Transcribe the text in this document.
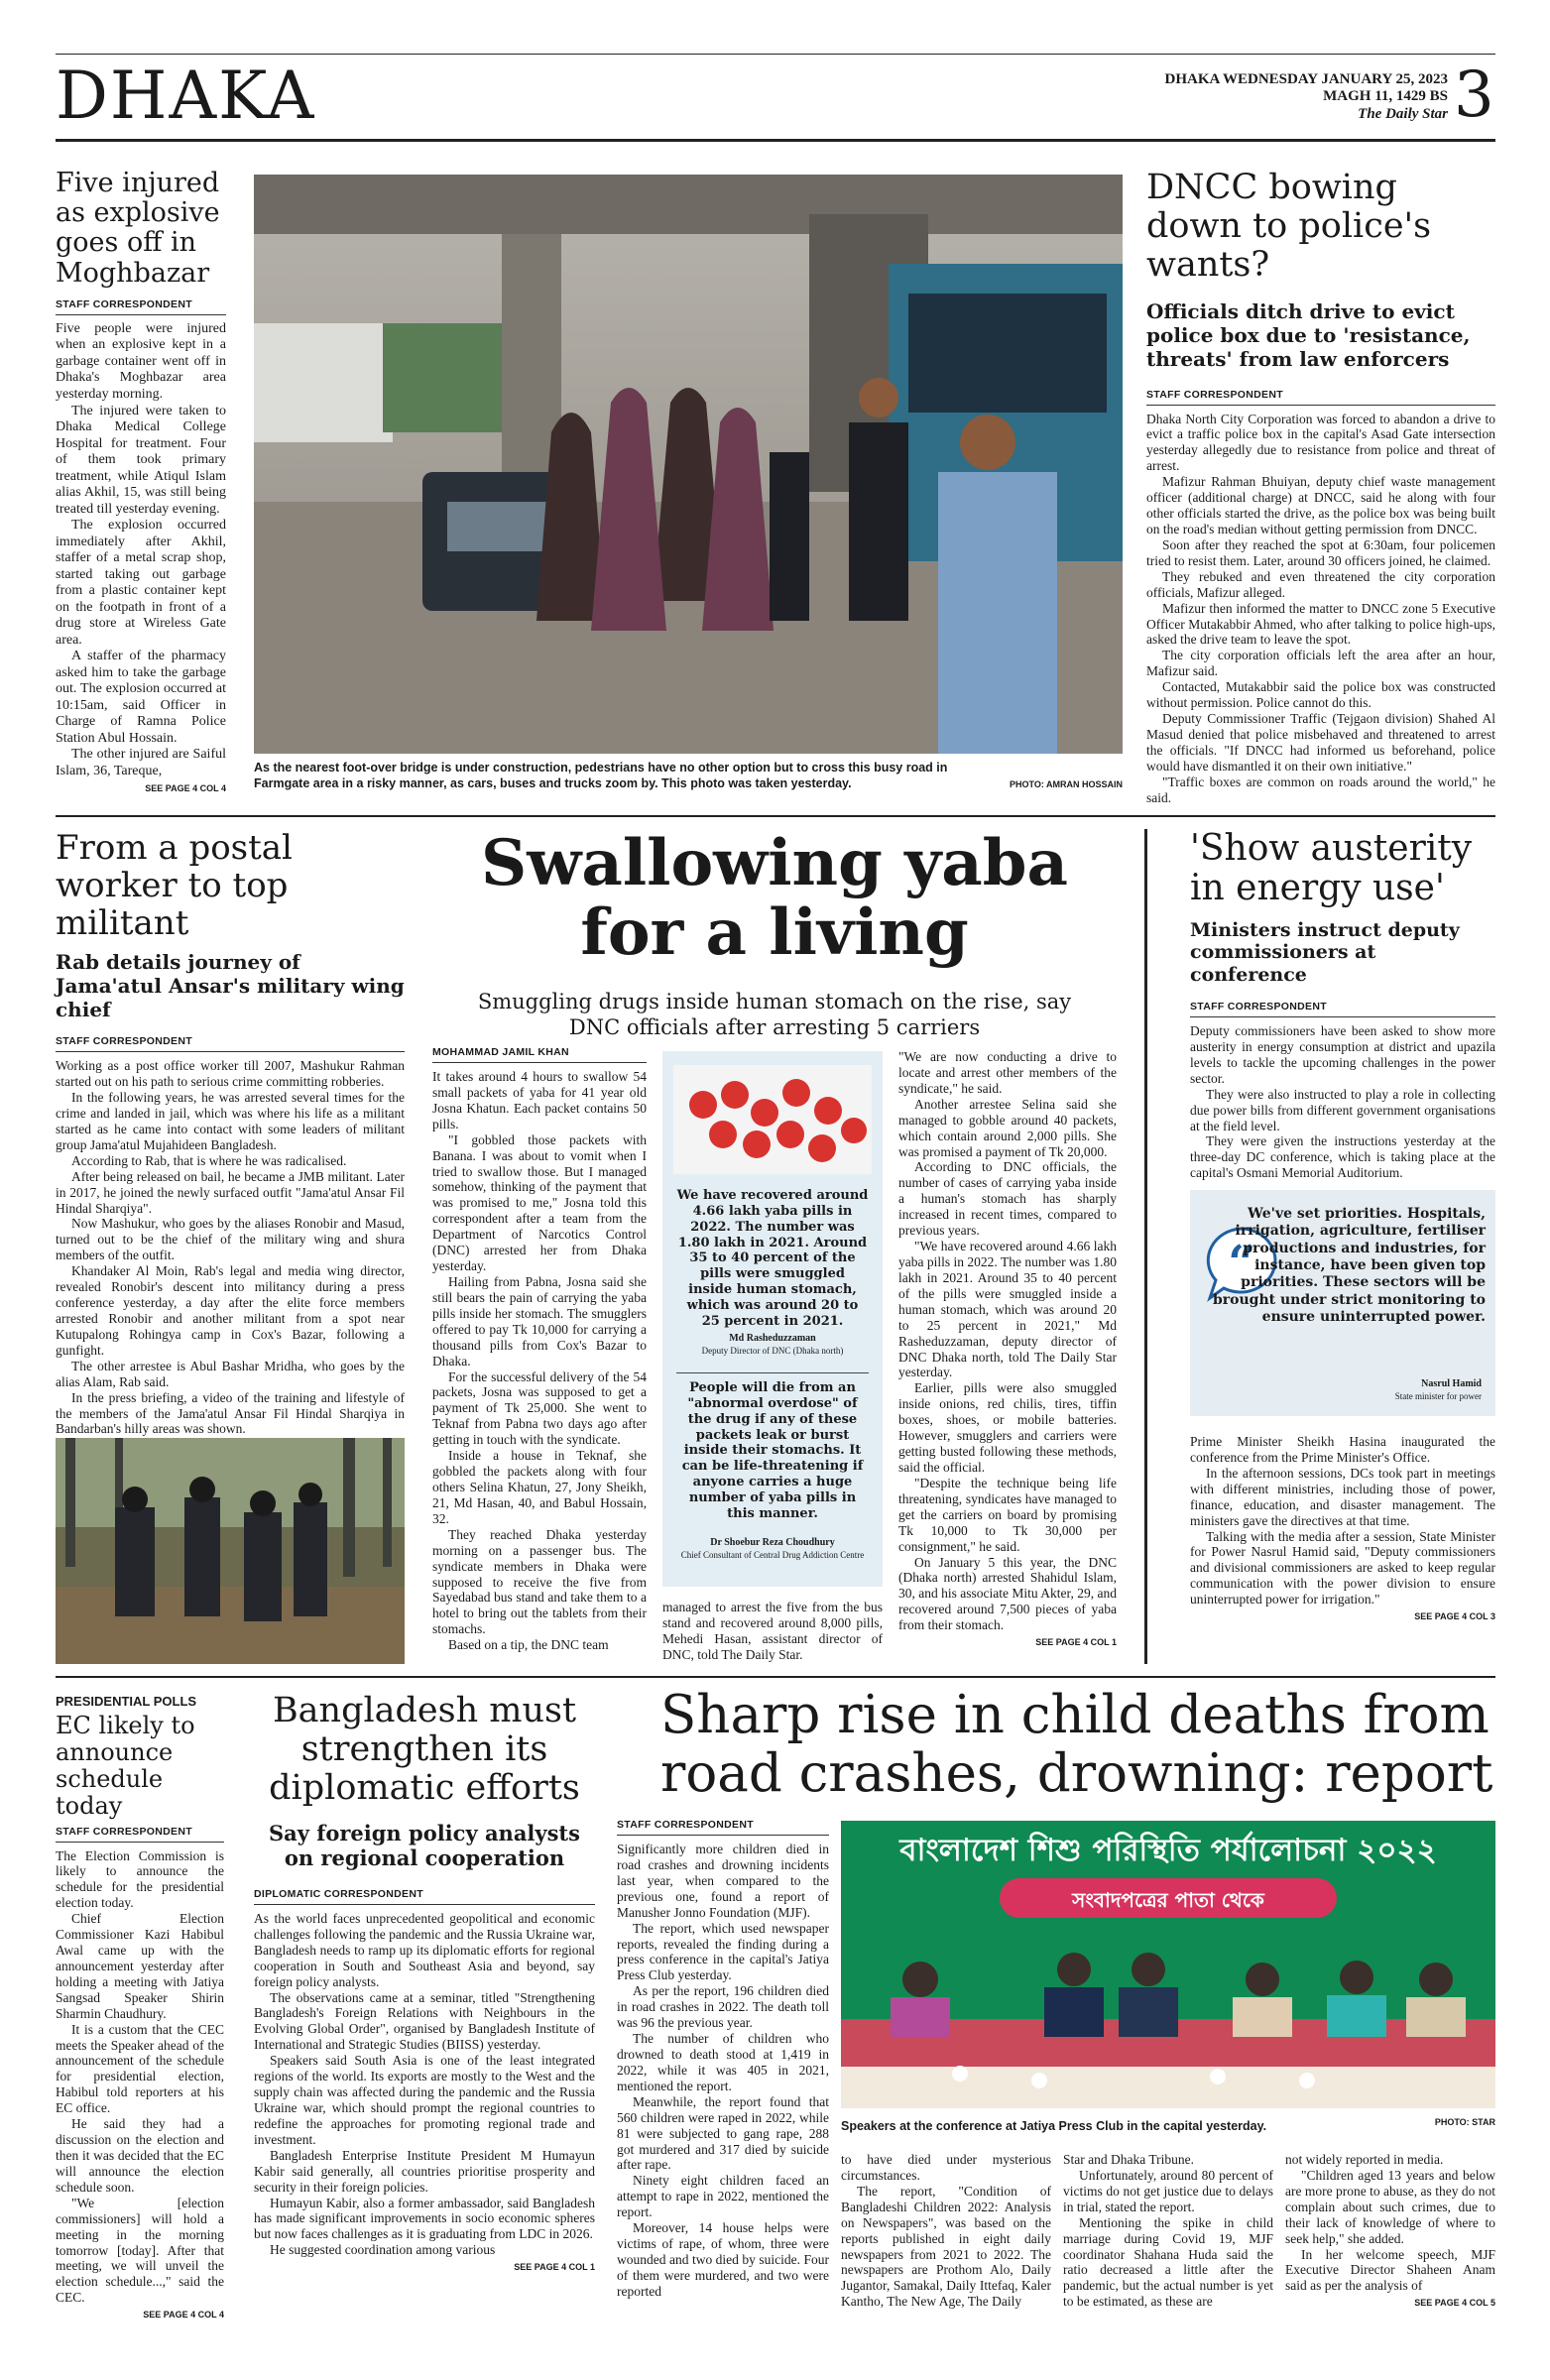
DHAKA	DHAKA WEDNESDAY JANUARY 25, 2023
MAGH 11, 1429 BS
The Daily Star 3
Five injured as explosive goes off in Moghbazar
STAFF CORRESPONDENT

Five people were injured when an explosive kept in a garbage container went off in Dhaka's Moghbazar area yesterday morning.

The injured were taken to Dhaka Medical College Hospital for treatment. Four of them took primary treatment, while Atiqul Islam alias Akhil, 15, was still being treated till yesterday evening.

The explosion occurred immediately after Akhil, staffer of a metal scrap shop, started taking out garbage from a plastic container kept on the footpath in front of a drug store at Wireless Gate area.

A staffer of the pharmacy asked him to take the garbage out. The explosion occurred at 10:15am, said Officer in Charge of Ramna Police Station Abul Hossain.

The other injured are Saiful Islam, 36, Tareque,

SEE PAGE 4 COL 4
As the nearest foot-over bridge is under construction, pedestrians have no other option but to cross this busy road in Farmgate area in a risky manner, as cars, buses and trucks zoom by. This photo was taken yesterday.	PHOTO: AMRAN HOSSAIN
DNCC bowing down to police's wants?
Officials ditch drive to evict police box due to 'resistance, threats' from law enforcers
STAFF CORRESPONDENT

Dhaka North City Corporation was forced to abandon a drive to evict a traffic police box in the capital's Asad Gate intersection yesterday allegedly due to resistance from police and threat of arrest.

Mafizur Rahman Bhuiyan, deputy chief waste management officer (additional charge) at DNCC, said he along with four other officials started the drive, as the police box was being built on the road's median without getting permission from DNCC.

Soon after they reached the spot at 6:30am, four policemen tried to resist them. Later, around 30 officers joined, he claimed.

They rebuked and even threatened the city corporation officials, Mafizur alleged.

Mafizur then informed the matter to DNCC zone 5 Executive Officer Mutakabbir Ahmed, who after talking to police high-ups, asked the drive team to leave the spot.

The city corporation officials left the area after an hour, Mafizur said.

Contacted, Mutakabbir said the police box was constructed without permission. Police cannot do this.

Deputy Commissioner Traffic (Tejgaon division) Shahed Al Masud denied that police misbehaved and threatened to arrest the officials. "If DNCC had informed us beforehand, police would have dismantled it on their own initiative."

"Traffic boxes are common on roads around the world," he said.

From a postal worker to top militant
Rab details journey of Jama'atul Ansar's military wing chief
STAFF CORRESPONDENT

Working as a post office worker till 2007, Mashukur Rahman started out on his path to serious crime committing robberies.

In the following years, he was arrested several times for the crime and landed in jail, which was where his life as a militant started as he came into contact with some leaders of militant group Jama'atul Mujahideen Bangladesh.

According to Rab, that is where he was radicalised.

After being released on bail, he became a JMB militant. Later in 2017, he joined the newly surfaced outfit "Jama'atul Ansar Fil Hindal Sharqiya".

Now Mashukur, who goes by the aliases Ronobir and Masud, turned out to be the chief of the military wing and shura members of the outfit.

Khandaker Al Moin, Rab's legal and media wing director, revealed Ronobir's descent into militancy during a press conference yesterday, a day after the elite force members arrested Ronobir and another militant from a spot near Kutupalong Rohingya camp in Cox's Bazar, following a gunfight.

The other arrestee is Abul Bashar Mridha, who goes by the alias Alam, Rab said.

In the press briefing, a video of the training and lifestyle of the members of the Jama'atul Ansar Fil Hindal Sharqiya in Bandarban's hilly areas was shown.

Swallowing yaba
for a living
Smuggling drugs inside human stomach on the rise, say DNC officials after arresting 5 carriers
MOHAMMAD JAMIL KHAN

It takes around 4 hours to swallow 54 small packets of yaba for 41 year old Josna Khatun. Each packet contains 50 pills.

"I gobbled those packets with Banana. I was about to vomit when I tried to swallow those. But I managed somehow, thinking of the payment that was promised to me," Josna told this correspondent after a team from the Department of Narcotics Control (DNC) arrested her from Dhaka yesterday.

Hailing from Pabna, Josna said she still bears the pain of carrying the yaba pills inside her stomach. The smugglers offered to pay Tk 10,000 for carrying a thousand pills from Cox's Bazar to Dhaka.

For the successful delivery of the 54 packets, Josna was supposed to get a payment of Tk 25,000. She went to Teknaf from Pabna two days ago after getting in touch with the syndicate.

Inside a house in Teknaf, she gobbled the packets along with four others Selina Khatun, 27, Jony Sheikh, 21, Md Hasan, 40, and Babul Hossain, 32.

They reached Dhaka yesterday morning on a passenger bus. The syndicate members in Dhaka were supposed to receive the five from Sayedabad bus stand and take them to a hotel to bring out the tablets from their stomachs.

Based on a tip, the DNC team

We have recovered around 4.66 lakh yaba pills in 2022. The number was 1.80 lakh in 2021. Around 35 to 40 percent of the pills were smuggled inside human stomach, which was around 20 to 25 percent in 2021.
Md Rasheduzzaman
Deputy Director of DNC (Dhaka north)
People will die from an "abnormal overdose" of the drug if any of these packets leak or burst inside their stomachs. It can be life-threatening if anyone carries a huge number of yaba pills in this manner.
Dr Shoebur Reza Choudhury
Chief Consultant of Central Drug Addiction Centre
managed to arrest the five from the bus stand and recovered around 8,000 pills, Mehedi Hasan, assistant director of DNC, told The Daily Star.

"We are now conducting a drive to locate and arrest other members of the syndicate," he said.

Another arrestee Selina said she managed to gobble around 40 packets, which contain around 2,000 pills. She was promised a payment of Tk 20,000.

According to DNC officials, the number of cases of carrying yaba inside a human's stomach has sharply increased in recent times, compared to previous years.

"We have recovered around 4.66 lakh yaba pills in 2022. The number was 1.80 lakh in 2021. Around 35 to 40 percent of the pills were smuggled inside a human stomach, which was around 20 to 25 percent in 2021," Md Rasheduzzaman, deputy director of DNC Dhaka north, told The Daily Star yesterday.

Earlier, pills were also smuggled inside onions, red chilis, tires, tiffin boxes, shoes, or mobile batteries. However, smugglers and carriers were getting busted following these methods, said the official.

"Despite the technique being life threatening, syndicates have managed to get the carriers on board by promising Tk 10,000 to Tk 30,000 per consignment," he said.

On January 5 this year, the DNC (Dhaka north) arrested Shahidul Islam, 30, and his associate Mitu Akter, 29, and recovered around 7,500 pieces of yaba from their stomach.

SEE PAGE 4 COL 1
'Show austerity in energy use'
Ministers instruct deputy commissioners at conference
STAFF CORRESPONDENT

Deputy commissioners have been asked to show more austerity in energy consumption at district and upazila levels to tackle the upcoming challenges in the power sector.

They were also instructed to play a role in collecting due power bills from different government organisations at the field level.

They were given the instructions yesterday at the three-day DC conference, which is taking place at the capital's Osmani Memorial Auditorium.

“
We've set priorities. Hospitals, irrigation, agriculture, fertiliser productions and industries, for instance, have been given top priorities. These sectors will be brought under strict monitoring to ensure uninterrupted power.
Nasrul Hamid
State minister for power

Prime Minister Sheikh Hasina inaugurated the conference from the Prime Minister's Office.

In the afternoon sessions, DCs took part in meetings with different ministries, including those of power, finance, education, and disaster management. The ministers gave the directives at that time.

Talking with the media after a session, State Minister for Power Nasrul Hamid said, "Deputy commissioners and divisional commissioners are asked to keep regular communication with the power division to ensure uninterrupted power for irrigation."

SEE PAGE 4 COL 3
PRESIDENTIAL POLLS
EC likely to announce schedule today
STAFF CORRESPONDENT

The Election Commission is likely to announce the schedule for the presidential election today.

Chief Election Commissioner Kazi Habibul Awal came up with the announcement yesterday after holding a meeting with Jatiya Sangsad Speaker Shirin Sharmin Chaudhury.

It is a custom that the CEC meets the Speaker ahead of the announcement of the schedule for presidential election, Habibul told reporters at his EC office.

He said they had a discussion on the election and then it was decided that the EC will announce the election schedule soon.

"We [election commissioners] will hold a meeting in the morning tomorrow [today]. After that meeting, we will unveil the election schedule...," said the CEC.

SEE PAGE 4 COL 4
Bangladesh must strengthen its diplomatic efforts
Say foreign policy analysts on regional cooperation
DIPLOMATIC CORRESPONDENT

As the world faces unprecedented geopolitical and economic challenges following the pandemic and the Russia Ukraine war, Bangladesh needs to ramp up its diplomatic efforts for regional cooperation in South and Southeast Asia and beyond, say foreign policy analysts.

The observations came at a seminar, titled "Strengthening Bangladesh's Foreign Relations with Neighbours in the Evolving Global Order", organised by Bangladesh Institute of International and Strategic Studies (BIISS) yesterday.

Speakers said South Asia is one of the least integrated regions of the world. Its exports are mostly to the West and the supply chain was affected during the pandemic and the Russia Ukraine war, which should prompt the regional countries to redefine the approaches for promoting regional trade and investment.

Bangladesh Enterprise Institute President M Humayun Kabir said generally, all countries prioritise prosperity and security in their foreign policies.

Humayun Kabir, also a former ambassador, said Bangladesh has made significant improvements in socio economic spheres but now faces challenges as it is graduating from LDC in 2026.

He suggested coordination among various

SEE PAGE 4 COL 1
Sharp rise in child deaths from
road crashes, drowning: report
STAFF CORRESPONDENT

Significantly more children died in road crashes and drowning incidents last year, when compared to the previous one, found a report of Manusher Jonno Foundation (MJF).

The report, which used newspaper reports, revealed the finding during a press conference in the capital's Jatiya Press Club yesterday.

As per the report, 196 children died in road crashes in 2022. The death toll was 96 the previous year.

The number of children who drowned to death stood at 1,419 in 2022, while it was 405 in 2021, mentioned the report.

Meanwhile, the report found that 560 children were raped in 2022, while 81 were subjected to gang rape, 288 got murdered and 317 died by suicide after rape.

Ninety eight children faced an attempt to rape in 2022, mentioned the report.

Moreover, 14 house helps were victims of rape, of whom, three were wounded and two died by suicide. Four of them were murdered, and two were reported

বাংলাদেশ শিশু পরিস্থিতি পর্যালোচনা ২০২২
সংবাদপত্রের পাতা থেকে
Speakers at the conference at Jatiya Press Club in the capital yesterday.	PHOTO: STAR

to have died under mysterious circumstances.

The report, "Condition of Bangladeshi Children 2022: Analysis on Newspapers", was based on the reports published in eight daily newspapers from 2021 to 2022. The newspapers are Prothom Alo, Daily Jugantor, Samakal, Daily Ittefaq, Kaler Kantho, The New Age, The Daily

Star and Dhaka Tribune.

Unfortunately, around 80 percent of victims do not get justice due to delays in trial, stated the report.

Mentioning the spike in child marriage during Covid 19, MJF coordinator Shahana Huda said the ratio decreased a little after the pandemic, but the actual number is yet to be estimated, as these are

not widely reported in media.

"Children aged 13 years and below are more prone to abuse, as they do not complain about such crimes, due to their lack of knowledge of where to seek help," she added.

In her welcome speech, MJF Executive Director Shaheen Anam said as per the analysis of

SEE PAGE 4 COL 5
